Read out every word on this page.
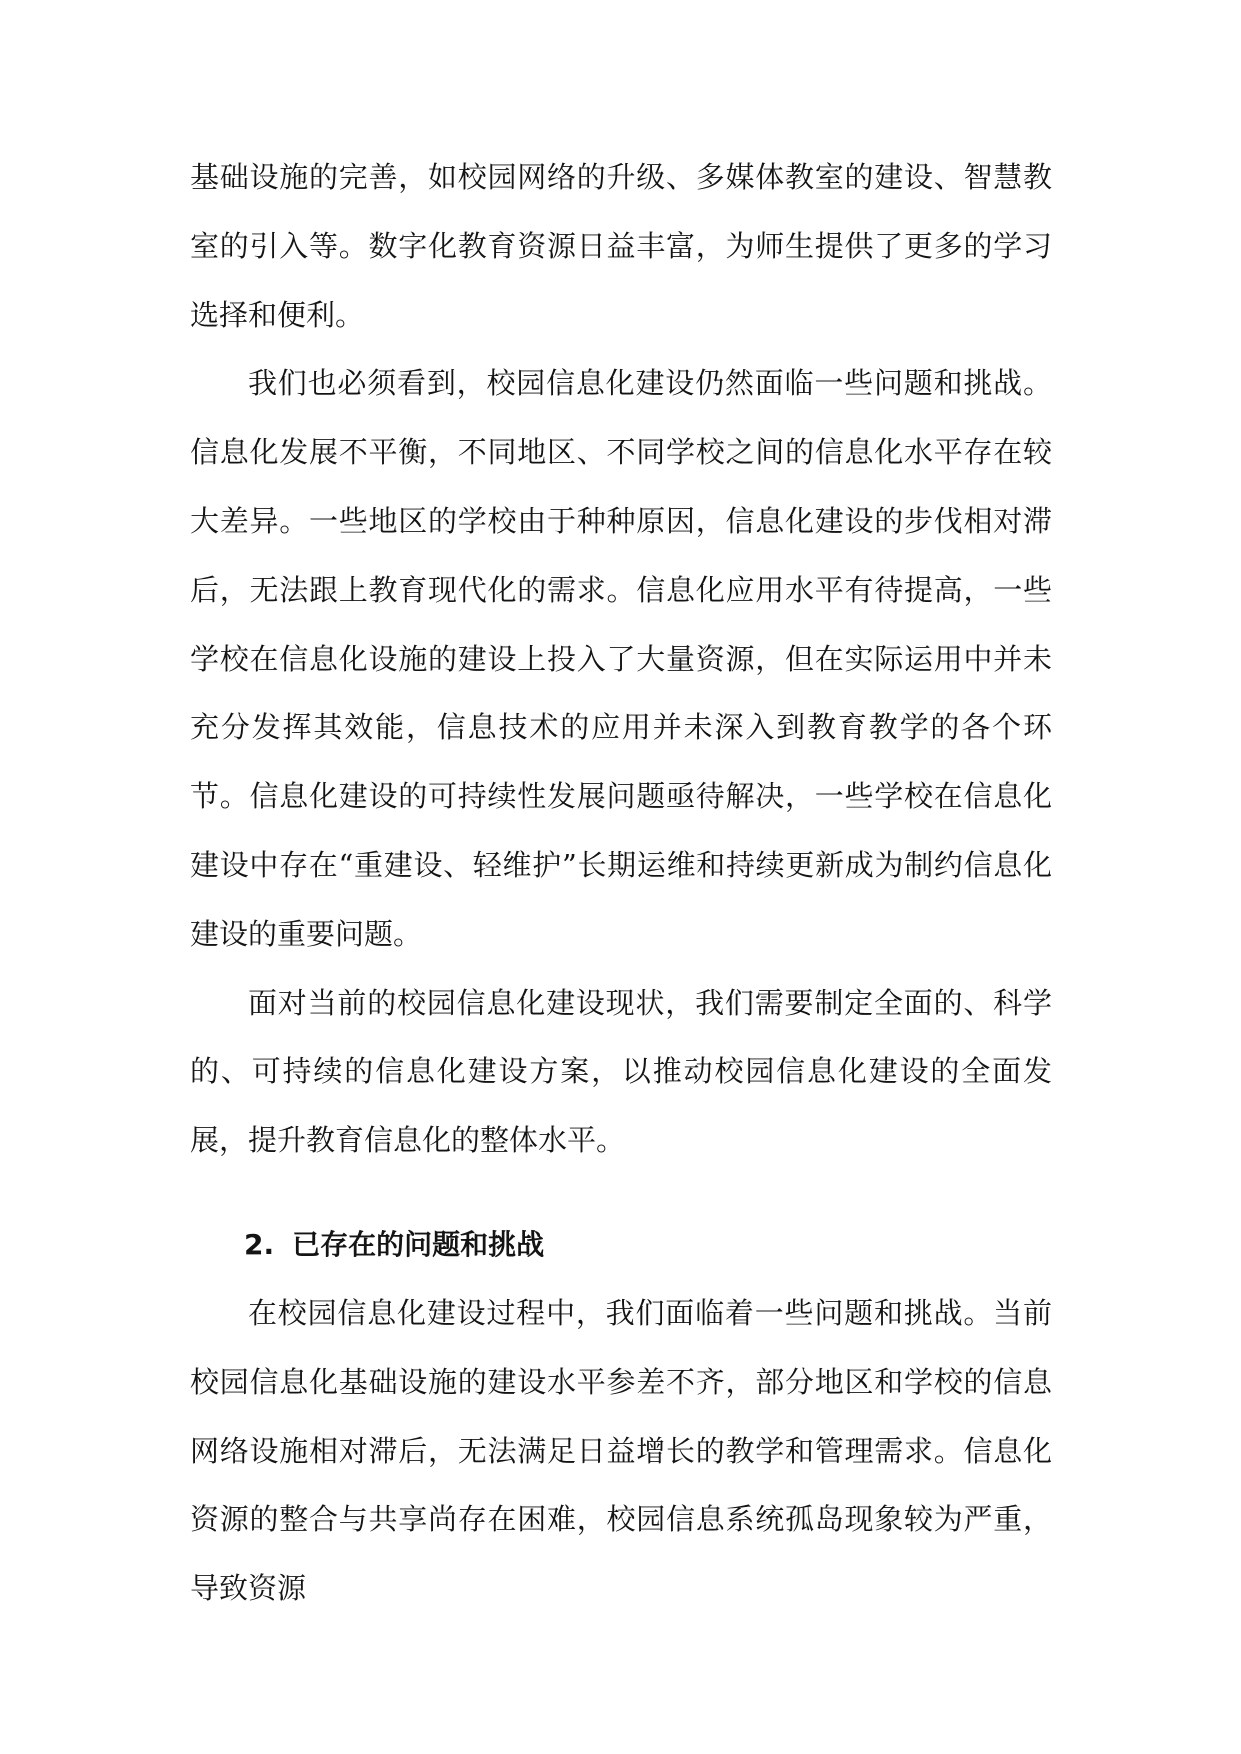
基础设施的完善，如校园网络的升级、多媒体教室的建设、智慧教室的引入等。数字化教育资源日益丰富，为师生提供了更多的学习选择和便利。

我们也必须看到，校园信息化建设仍然面临一些问题和挑战。信息化发展不平衡，不同地区、不同学校之间的信息化水平存在较大差异。一些地区的学校由于种种原因，信息化建设的步伐相对滞后，无法跟上教育现代化的需求。信息化应用水平有待提高，一些学校在信息化设施的建设上投入了大量资源，但在实际运用中并未充分发挥其效能，信息技术的应用并未深入到教育教学的各个环节。信息化建设的可持续性发展问题亟待解决，一些学校在信息化建设中存在“重建设、轻维护”长期运维和持续更新成为制约信息化建设的重要问题。

面对当前的校园信息化建设现状，我们需要制定全面的、科学的、可持续的信息化建设方案，以推动校园信息化建设的全面发展，提升教育信息化的整体水平。

2. 已存在的问题和挑战

在校园信息化建设过程中，我们面临着一些问题和挑战。当前校园信息化基础设施的建设水平参差不齐，部分地区和学校的信息网络设施相对滞后，无法满足日益增长的教学和管理需求。信息化资源的整合与共享尚存在困难，校园信息系统孤岛现象较为严重，导致资源
